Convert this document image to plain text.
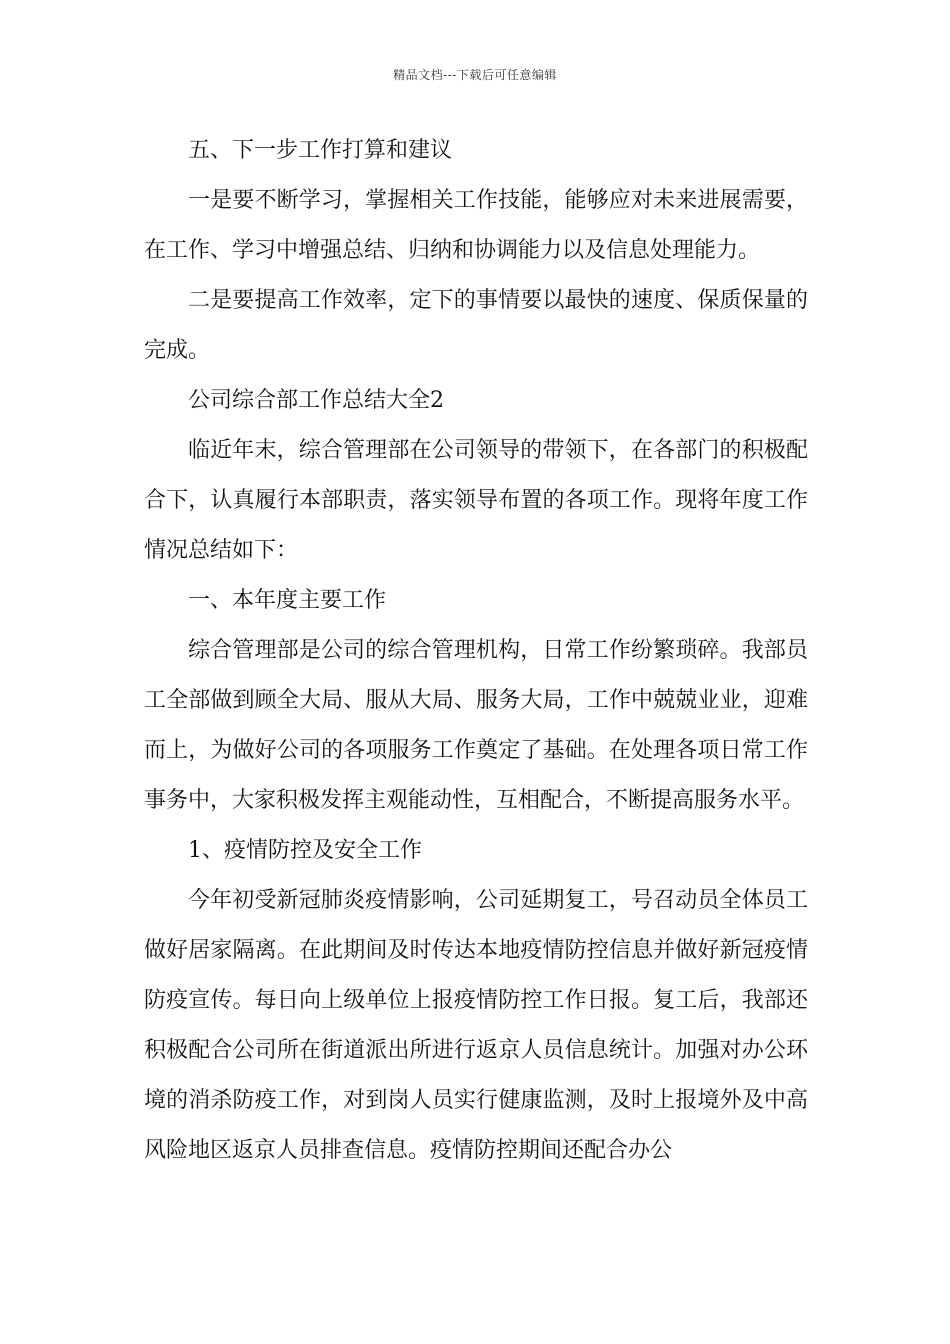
精品文档---下载后可任意编辑

五、下一步工作打算和建议

一是要不断学习，掌握相关工作技能，能够应对未来进展需要，在工作、学习中增强总结、归纳和协调能力以及信息处理能力。

二是要提高工作效率，定下的事情要以最快的速度、保质保量的完成。

公司综合部工作总结大全2

临近年末，综合管理部在公司领导的带领下，在各部门的积极配合下，认真履行本部职责，落实领导布置的各项工作。现将年度工作情况总结如下：

一、本年度主要工作

综合管理部是公司的综合管理机构，日常工作纷繁琐碎。我部员工全部做到顾全大局、服从大局、服务大局，工作中兢兢业业，迎难而上，为做好公司的各项服务工作奠定了基础。在处理各项日常工作事务中，大家积极发挥主观能动性，互相配合，不断提高服务水平。

1、疫情防控及安全工作

今年初受新冠肺炎疫情影响，公司延期复工，号召动员全体员工做好居家隔离。在此期间及时传达本地疫情防控信息并做好新冠疫情防疫宣传。每日向上级单位上报疫情防控工作日报。复工后，我部还积极配合公司所在街道派出所进行返京人员信息统计。加强对办公环境的消杀防疫工作，对到岗人员实行健康监测，及时上报境外及中高风险地区返京人员排查信息。疫情防控期间还配合办公
